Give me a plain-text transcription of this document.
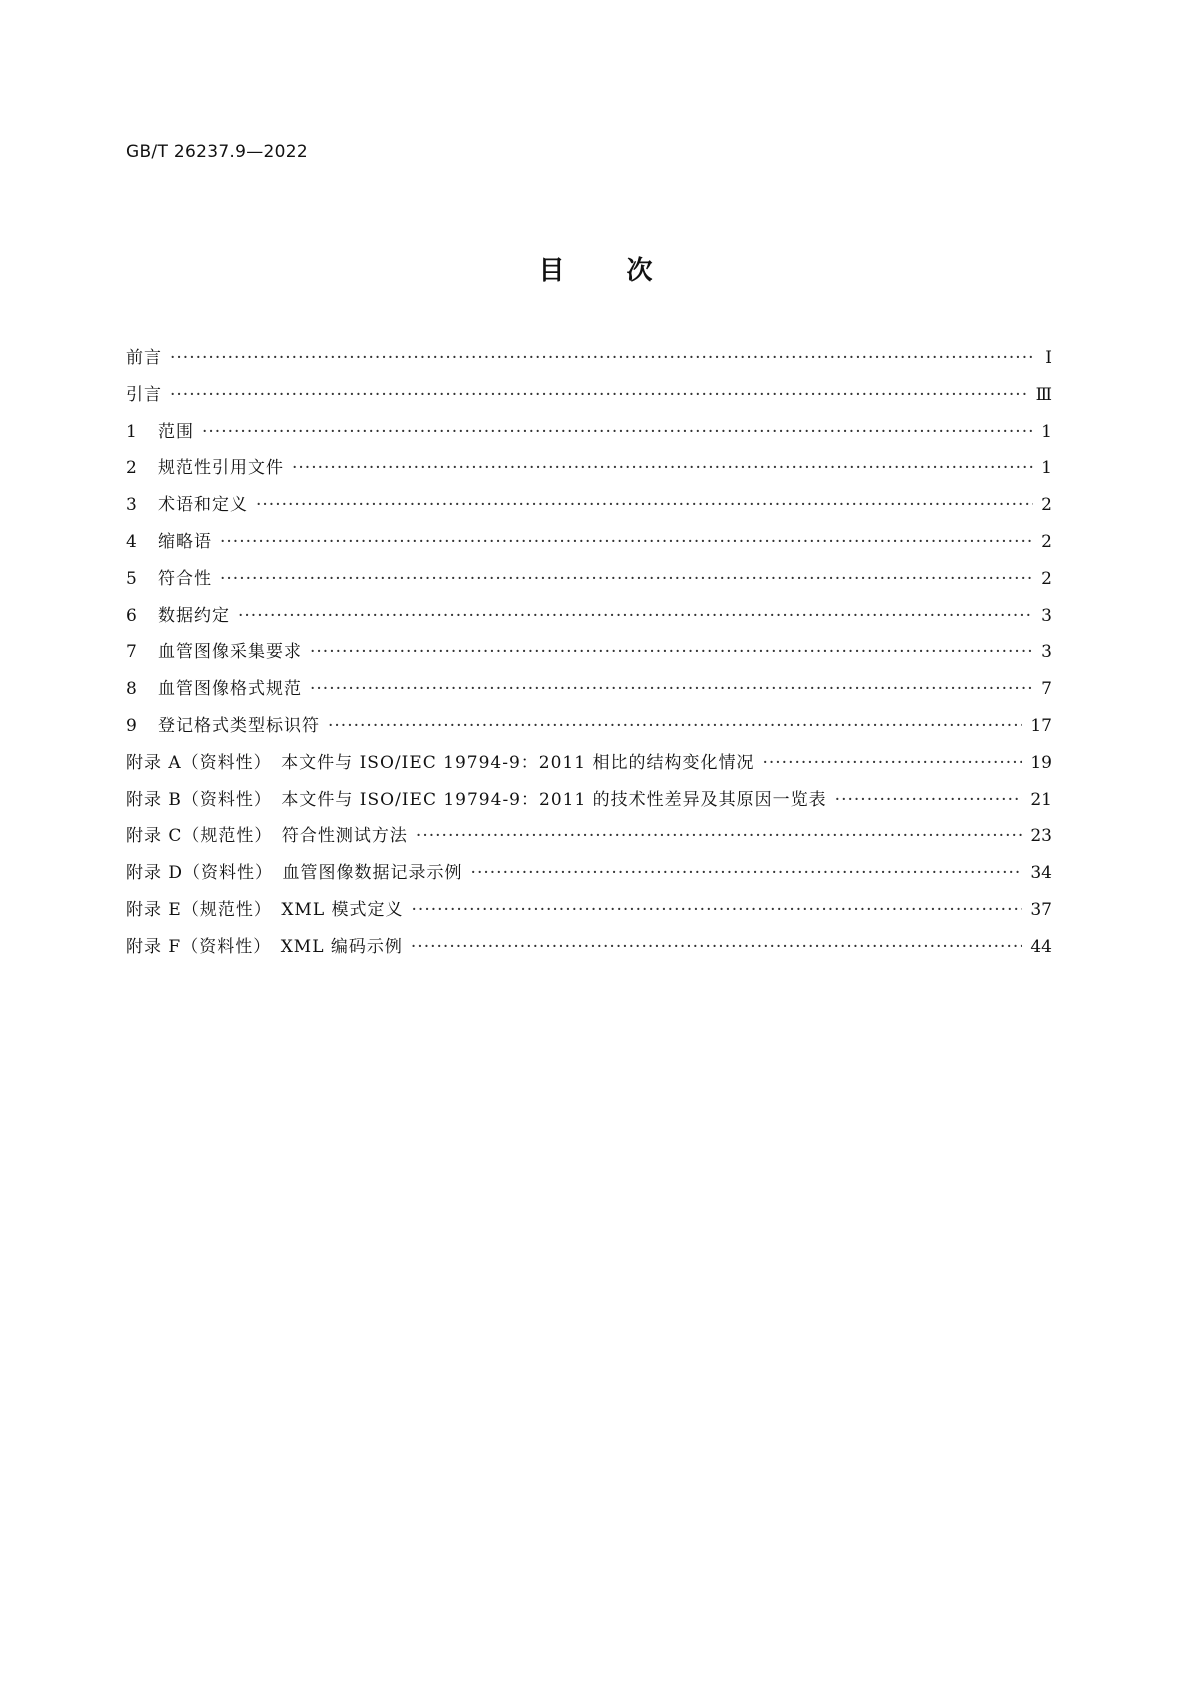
GB/T 26237.9—2022
目次
前言 ·····	Ⅰ
引言 ·····	Ⅲ
1	范围 ·····	1
2	规范性引用文件 ·····	1
3	术语和定义 ·····	2
4	缩略语 ·····	2
5	符合性 ·····	2
6	数据约定 ·····	3
7	血管图像采集要求 ·····	3
8	血管图像格式规范 ·····	7
9	登记格式类型标识符 ·····	17
附录 A（资料性）　本文件与 ISO/IEC 19794-9：2011 相比的结构变化情况 ·····	19
附录 B（资料性）　本文件与 ISO/IEC 19794-9：2011 的技术性差异及其原因一览表 ·····	21
附录 C（规范性）　符合性测试方法 ·····	23
附录 D（资料性）　血管图像数据记录示例 ·····	34
附录 E（规范性）　XML 模式定义 ·····	37
附录 F（资料性）　XML 编码示例 ·····	44
